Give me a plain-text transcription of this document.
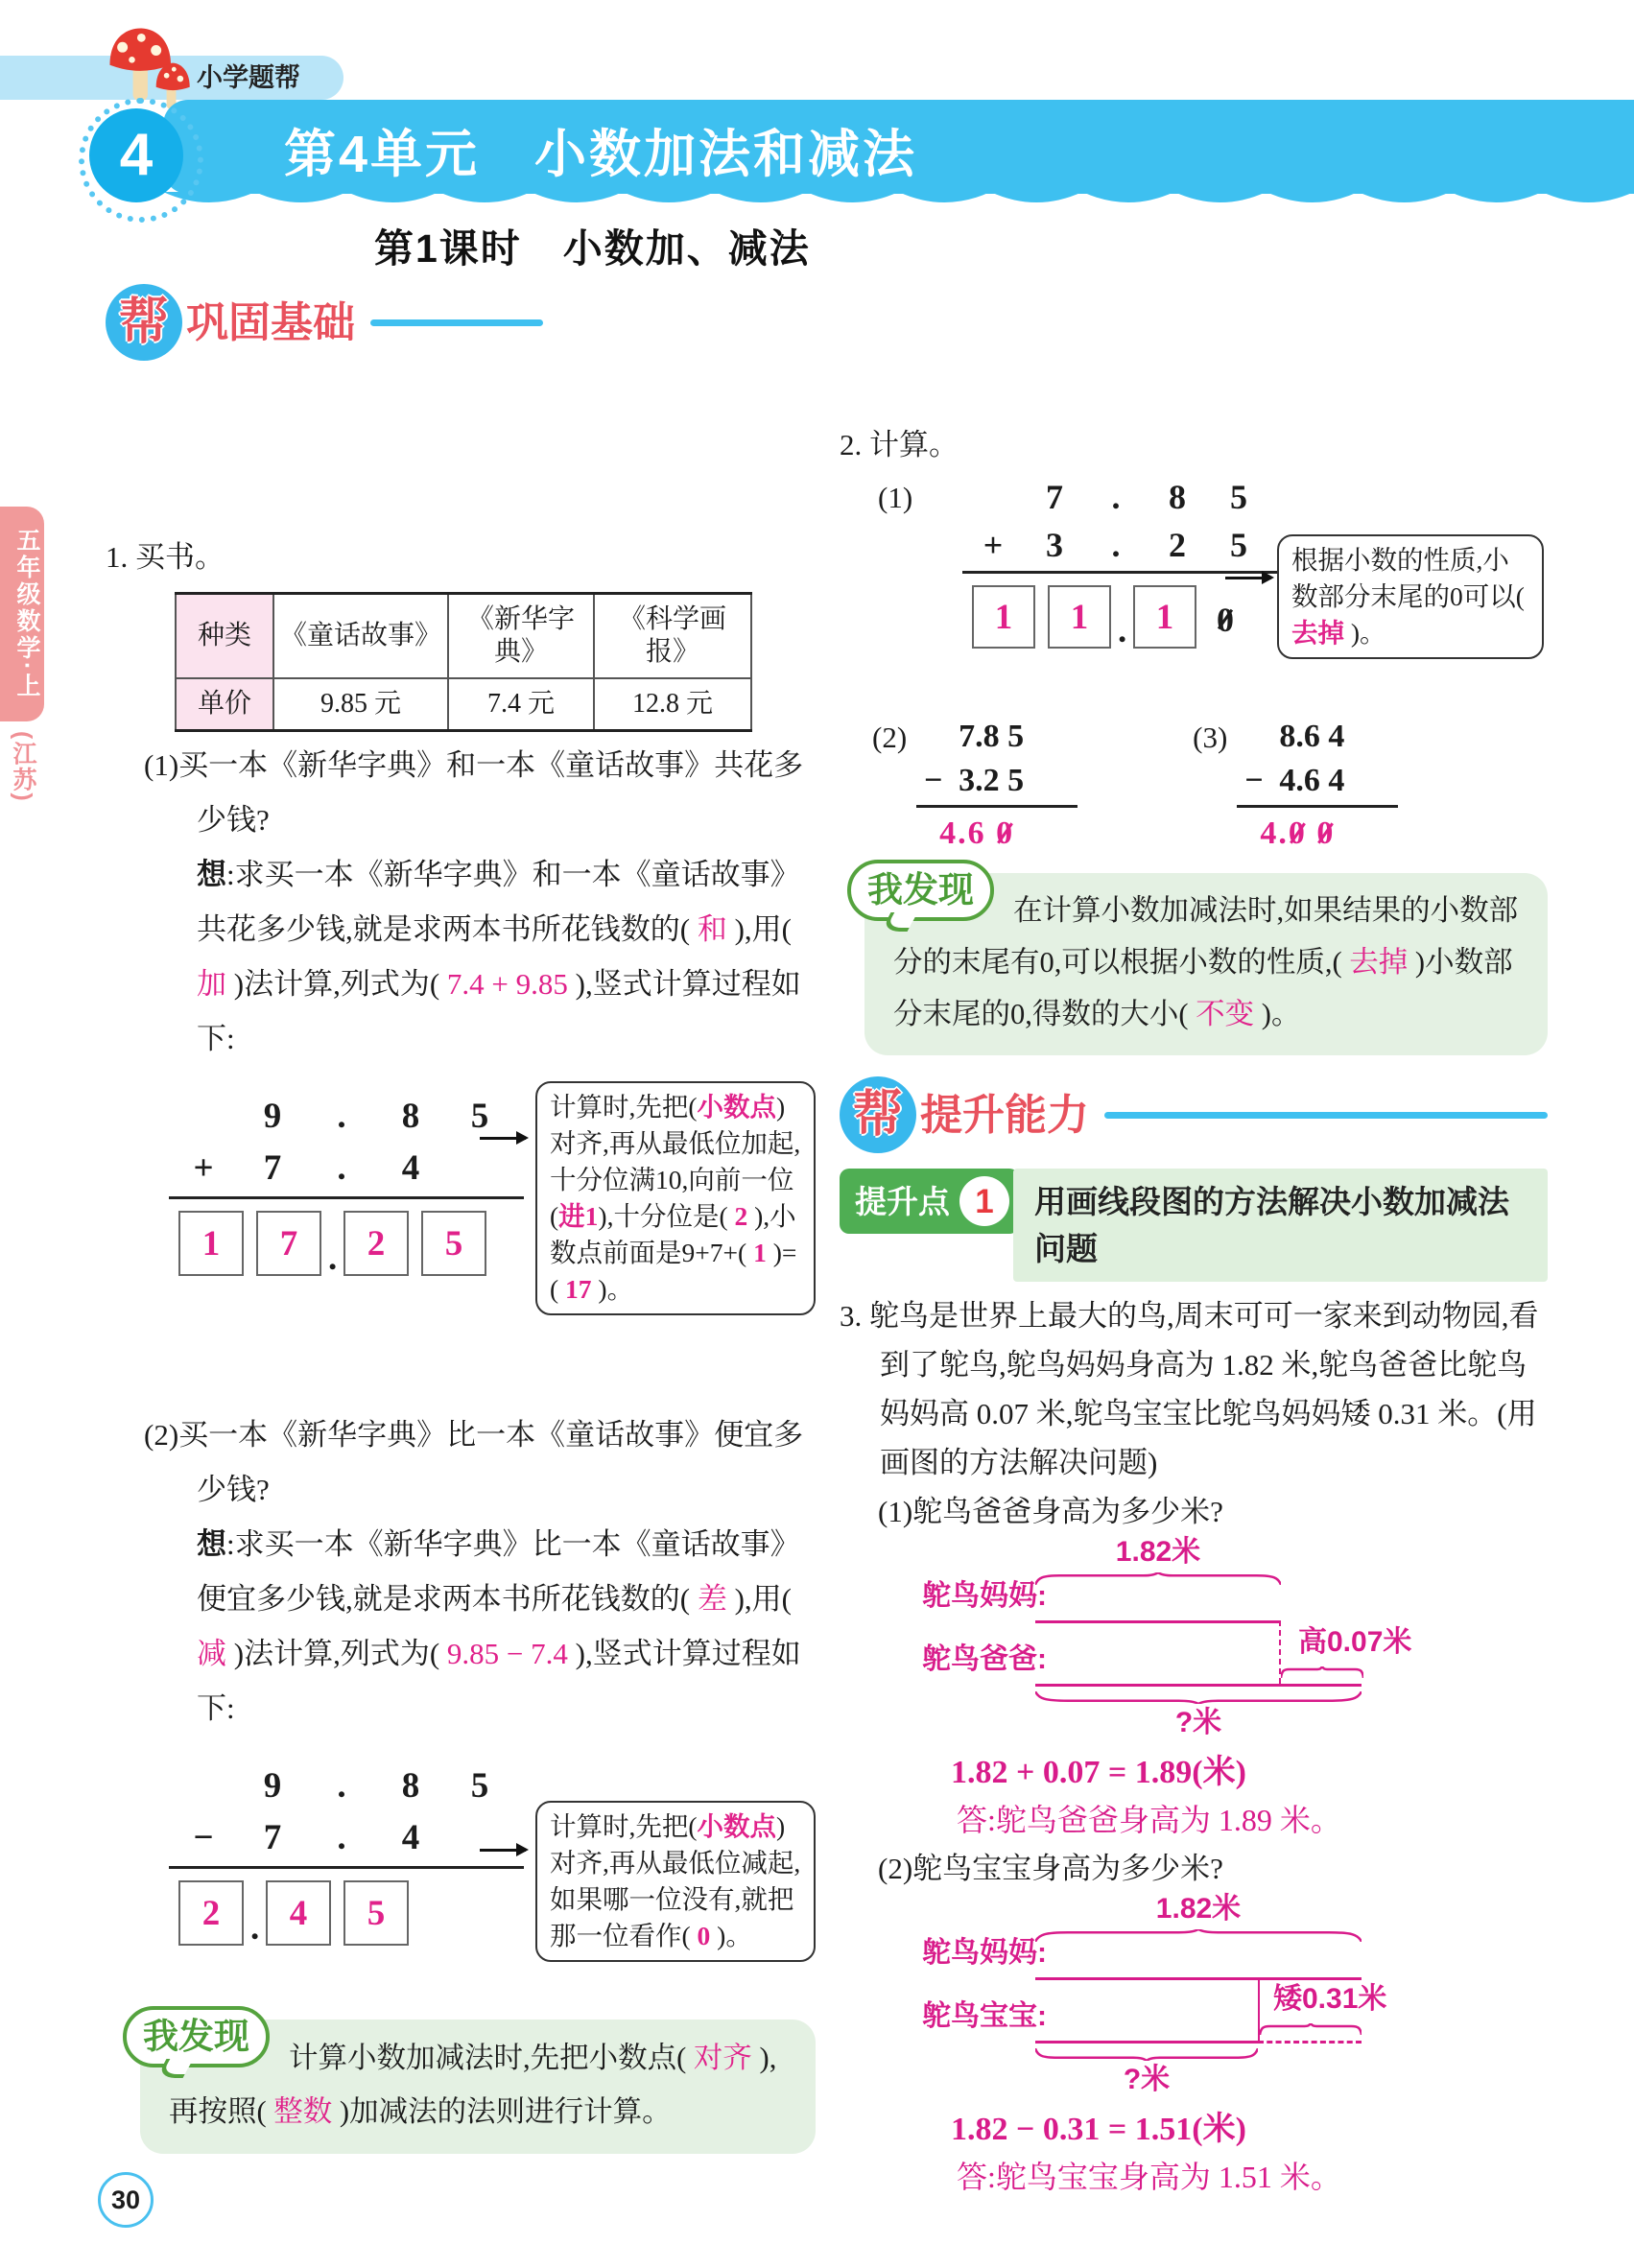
小学题帮
4	第4单元　小数加法和减法
第1课时　小数加、减法
五年级数学·上
(江苏)
30
帮 巩固基础
1. 买书。
种类	《童话故事》	《新华字典》	《科学画报》
单价	9.85 元	7.4 元	12.8 元
(1)买一本《新华字典》和一本《童话故事》共花多少钱?
想:求买一本《新华字典》和一本《童话故事》共花多少钱,就是求两本书所花钱数的( 和 ),用( 加 )法计算,列式为( 7.4 + 9.85 ),竖式计算过程如下:
9	.	8	5
+	7	.	4
1	7 . 2	5
计算时,先把(小数点)对齐,再从最低位加起,十分位满10,向前一位(进1),十分位是( 2 ),小数点前面是9+7+( 1 )=( 17 )。
(2)买一本《新华字典》比一本《童话故事》便宜多少钱?
想:求买一本《新华字典》比一本《童话故事》便宜多少钱,就是求两本书所花钱数的( 差 ),用( 减 )法计算,列式为( 9.85 − 7.4 ),竖式计算过程如下:
9	.	8	5
−	7	.	4
2 . 4	5
计算时,先把(小数点)对齐,再从最低位减起,如果哪一位没有,就把那一位看作( 0 )。
我发现

计算小数加减法时,先把小数点( 对齐 ),再按照( 整数 )加减法的法则进行计算。

2. 计算。
(1)	7	.	8	5
+	3	.	2	5
1	1 . 1	0
根据小数的性质,小数部分末尾的0可以( 去掉 )。
(2) 7.8 5
− 3.2 5
4.6 0
(3) 8.6 4
− 4.6 4
4.0 0
我发现

在计算小数加减法时,如果结果的小数部分的末尾有0,可以根据小数的性质,( 去掉 )小数部分末尾的0,得数的大小( 不变 )。

帮 提升能力
提升点 1	用画线段图的方法解决小数加减法问题
3. 鸵鸟是世界上最大的鸟,周末可可一家来到动物园,看到了鸵鸟,鸵鸟妈妈身高为 1.82 米,鸵鸟爸爸比鸵鸟妈妈高 0.07 米,鸵鸟宝宝比鸵鸟妈妈矮 0.31 米。(用画图的方法解决问题)
(1)鸵鸟爸爸身高为多少米?
1.82米
鸵鸟妈妈:
鸵鸟爸爸:
高0.07米
?米
1.82 + 0.07 = 1.89(米)
答:鸵鸟爸爸身高为 1.89 米。
(2)鸵鸟宝宝身高为多少米?
1.82米
鸵鸟妈妈:
鸵鸟宝宝:
矮0.31米
?米
1.82 − 0.31 = 1.51(米)
答:鸵鸟宝宝身高为 1.51 米。
